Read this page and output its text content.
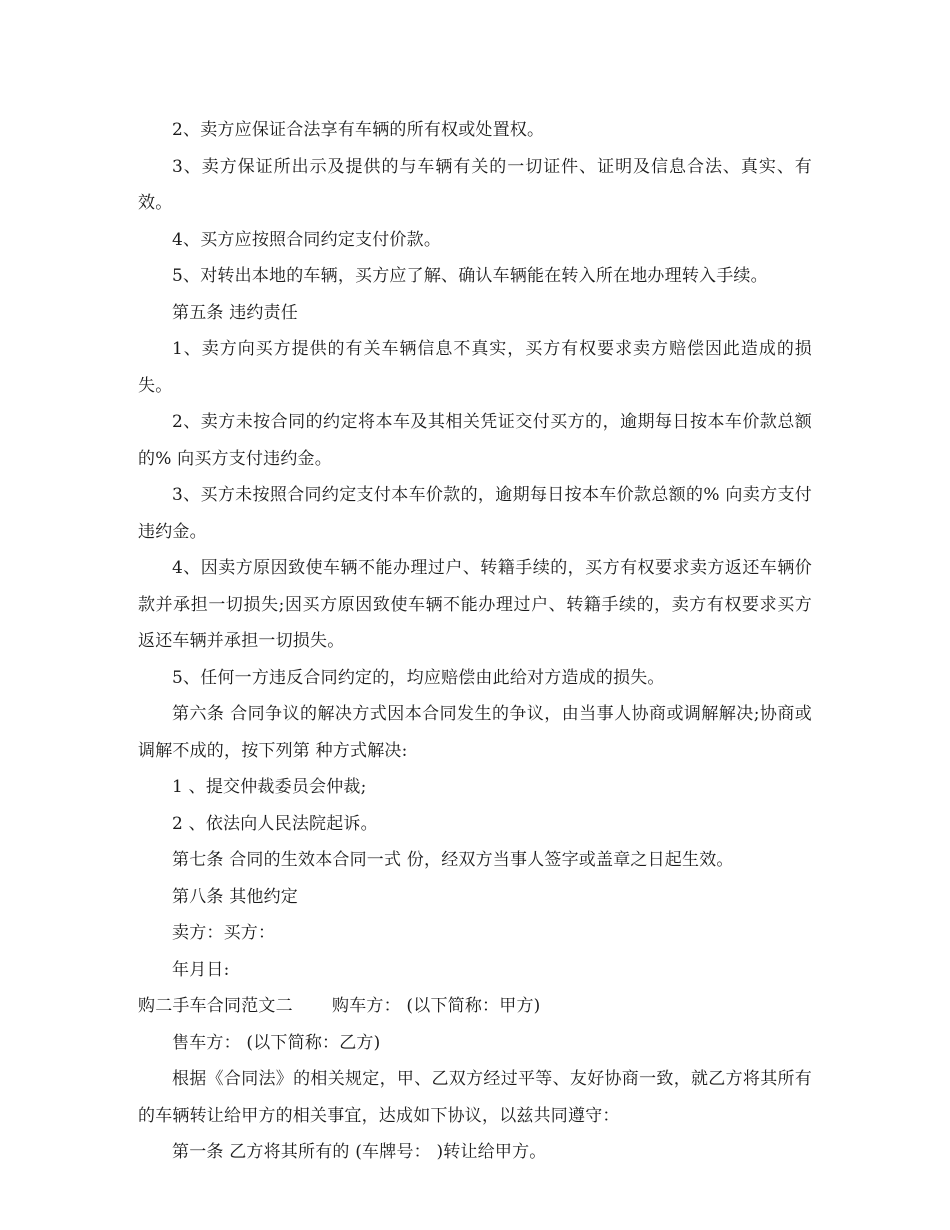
2、卖方应保证合法享有车辆的所有权或处置权。

3、卖方保证所出示及提供的与车辆有关的一切证件、证明及信息合法、真实、有效。

4、买方应按照合同约定支付价款。

5、对转出本地的车辆，买方应了解、确认车辆能在转入所在地办理转入手续。

第五条 违约责任

1、卖方向买方提供的有关车辆信息不真实，买方有权要求卖方赔偿因此造成的损失。

2、卖方未按合同的约定将本车及其相关凭证交付买方的，逾期每日按本车价款总额的% 向买方支付违约金。

3、买方未按照合同约定支付本车价款的，逾期每日按本车价款总额的% 向卖方支付违约金。

4、因卖方原因致使车辆不能办理过户、转籍手续的，买方有权要求卖方返还车辆价款并承担一切损失;因买方原因致使车辆不能办理过户、转籍手续的，卖方有权要求买方返还车辆并承担一切损失。

5、任何一方违反合同约定的，均应赔偿由此给对方造成的损失。

第六条 合同争议的解决方式因本合同发生的争议，由当事人协商或调解解决;协商或调解不成的，按下列第 种方式解决:

1 、提交仲裁委员会仲裁;

2 、依法向人民法院起诉。

第七条 合同的生效本合同一式 份，经双方当事人签字或盖章之日起生效。

第八条 其他约定

卖方：买方：

年月日:

购二手车合同范文二       购车方： (以下简称：甲方)

售车方： (以下简称：乙方)

根据《合同法》的相关规定，甲、乙双方经过平等、友好协商一致，就乙方将其所有的车辆转让给甲方的相关事宜，达成如下协议，以兹共同遵守：

第一条 乙方将其所有的 (车牌号： )转让给甲方。
